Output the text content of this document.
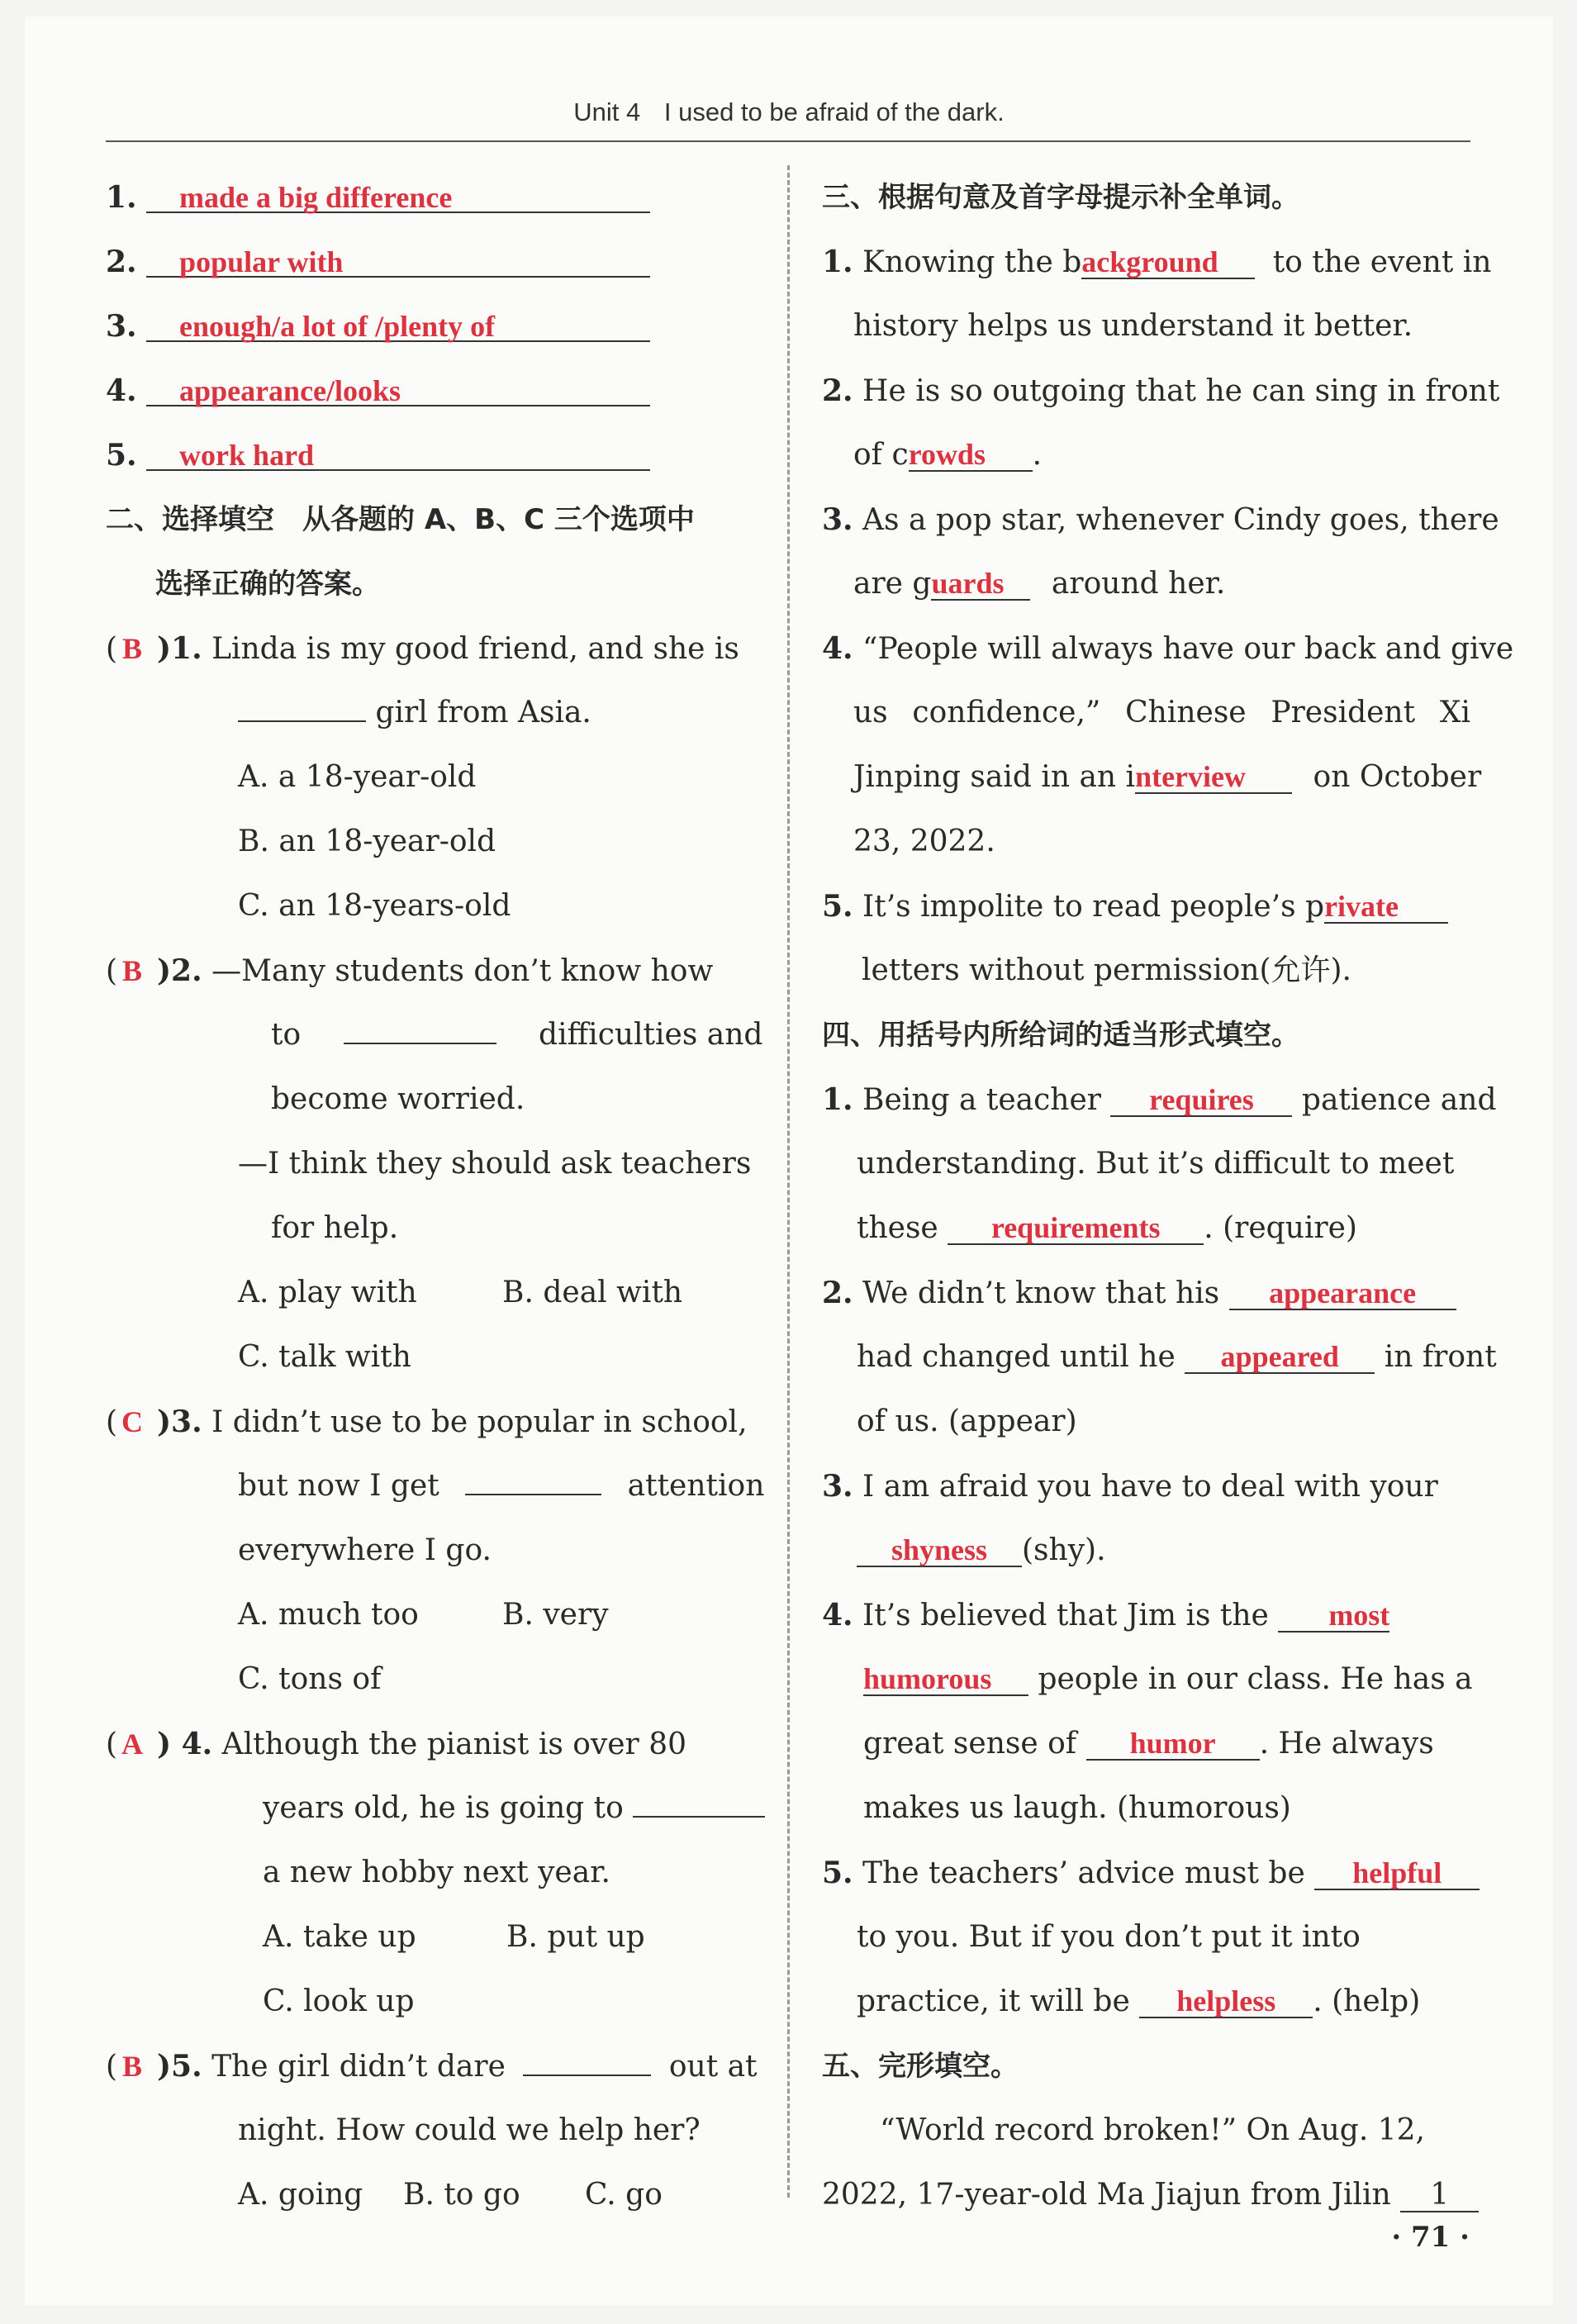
Unit 4 I used to be afraid of the dark.
1. made a big difference
2. popular with
3. enough/a lot of /plenty of
4. appearance/looks
5. work hard
二、选择填空　从各题的 A、B、C 三个选项中
选择正确的答案。
( B )1. Linda is my good friend, and she is
girl from Asia.
A. a 18-year-old
B. an 18-year-old
C. an 18-years-old
( B )2. —Many students don’t know how
to	difficulties and
become worried.
—I think they should ask teachers
for help.
A. play with	B. deal with
C. talk with
( C )3. I didn’t use to be popular in school,
but now I get	attention
everywhere I go.
A. much too	B. very
C. tons of
( A ) 4. Although the pianist is over 80
years old, he is going to
a new hobby next year.
A. take up	B. put up
C. look up
( B )5. The girl didn’t dare	out at
night. How could we help her?
A. going B. to go C. go
三、根据句意及首字母提示补全单词。
1. Knowing the background to the event in
history helps us understand it better.
2. He is so outgoing that he can sing in front
of crowds .
3. As a pop star, whenever Cindy goes, there
are guards around her.
4. “People will always have our back and give
us confidence,” Chinese President Xi
Jinping said in an interview on October
23, 2022.
5. It’s impolite to read people’s private
letters without permission(允许).
四、用括号内所给词的适当形式填空。
1. Being a teacher requires patience and
understanding. But it’s difficult to meet
these requirements . (require)
2. We didn’t know that his appearance
had changed until he appeared in front
of us. (appear)
3. I am afraid you have to deal with your
shyness (shy).
4. It’s believed that Jim is the most
humorous people in our class. He has a
great sense of humor . He always
makes us laugh. (humorous)
5. The teachers’ advice must be helpful
to you. But if you don’t put it into
practice, it will be helpless . (help)
五、完形填空。
“World record broken!” On Aug. 12,
2022, 17-year-old Ma Jiajun from Jilin 1
· 71 ·
